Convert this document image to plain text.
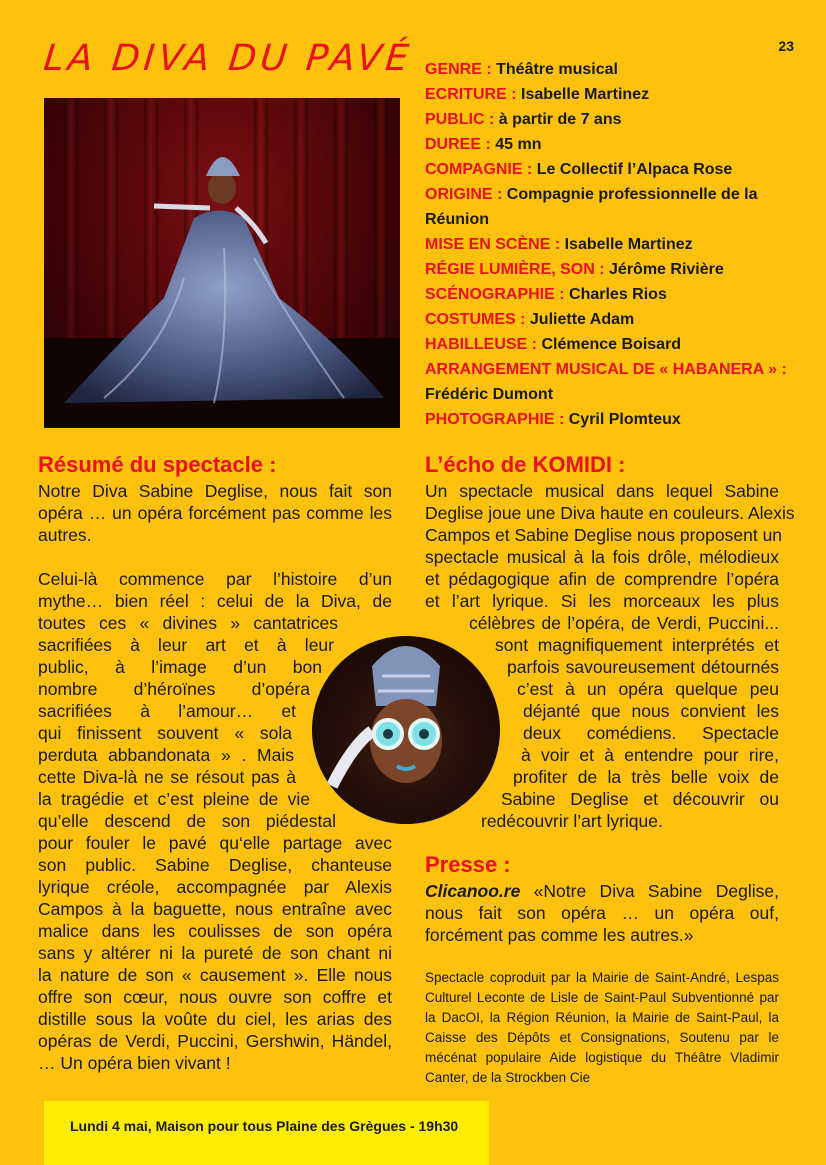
LA DIVA DU PAVÉ	23
GENRE : Théâtre musical
ECRITURE : Isabelle Martinez
PUBLIC : à partir de 7 ans
DUREE : 45 mn
COMPAGNIE : Le Collectif l’Alpaca Rose
ORIGINE : Compagnie professionnelle de la Réunion
MISE EN SCÈNE : Isabelle Martinez
RÉGIE LUMIÈRE, SON : Jérôme Rivière
SCÉNOGRAPHIE : Charles Rios
COSTUMES : Juliette Adam
HABILLEUSE : Clémence Boisard
ARRANGEMENT MUSICAL DE « HABANERA » : Frédéric Dumont
PHOTOGRAPHIE : Cyril Plomteux
Résumé du spectacle :
Notre Diva Sabine Deglise, nous fait son opéra … un opéra forcément pas comme les autres.
Celui-là commence par l’histoire d’un
mythe… bien réel : celui de la Diva, de
toutes ces « divines » cantatrices
sacrifiées à leur art et à leur
public, à l’image d’un bon
nombre d’héroïnes d’opéra
sacrifiées à l’amour… et
qui finissent souvent « sola
perduta abbandonata » . Mais
cette Diva-là ne se résout pas à
la tragédie et c’est pleine de vie
qu’elle descend de son piédestal
pour fouler le pavé qu‘elle partage avec
son public. Sabine Deglise, chanteuse
lyrique créole, accompagnée par Alexis
Campos à la baguette, nous entraîne avec
malice dans les coulisses de son opéra
sans y altérer ni la pureté de son chant ni
la nature de son « causement ». Elle nous
offre son cœur, nous ouvre son coffre et
distille sous la voûte du ciel, les arias des
opéras de Verdi, Puccini, Gershwin, Händel,
… Un opéra bien vivant !
L’écho de KOMIDI :
Un spectacle musical dans lequel Sabine
Deglise joue une Diva haute en couleurs. Alexis
Campos et Sabine Deglise nous proposent un
spectacle musical à la fois drôle, mélodieux
et pédagogique afin de comprendre l’opéra
et l’art lyrique. Si les morceaux les plus
célèbres de l’opéra, de Verdi, Puccini...
sont magnifiquement interprétés et
parfois savoureusement détournés
c’est à un opéra quelque peu
déjanté que nous convient les
deux comédiens. Spectacle
à voir et à entendre pour rire,
profiter de la très belle voix de
Sabine Deglise et découvrir ou
redécouvrir l’art lyrique.
Presse :
Clicanoo.re «Notre Diva Sabine Deglise, nous fait son opéra … un opéra ouf, forcément pas comme les autres.»
Spectacle coproduit par la Mairie de Saint-André, Lespas Culturel Leconte de Lisle de Saint-Paul Subventionné par la DacOI, la Région Réunion, la Mairie de Saint-Paul, la Caisse des Dépôts et Consignations, Soutenu par le mécénat populaire Aide logistique du Théâtre Vladimir Canter, de la Strockben Cie
Lundi 4 mai, Maison pour tous Plaine des Grègues - 19h30
